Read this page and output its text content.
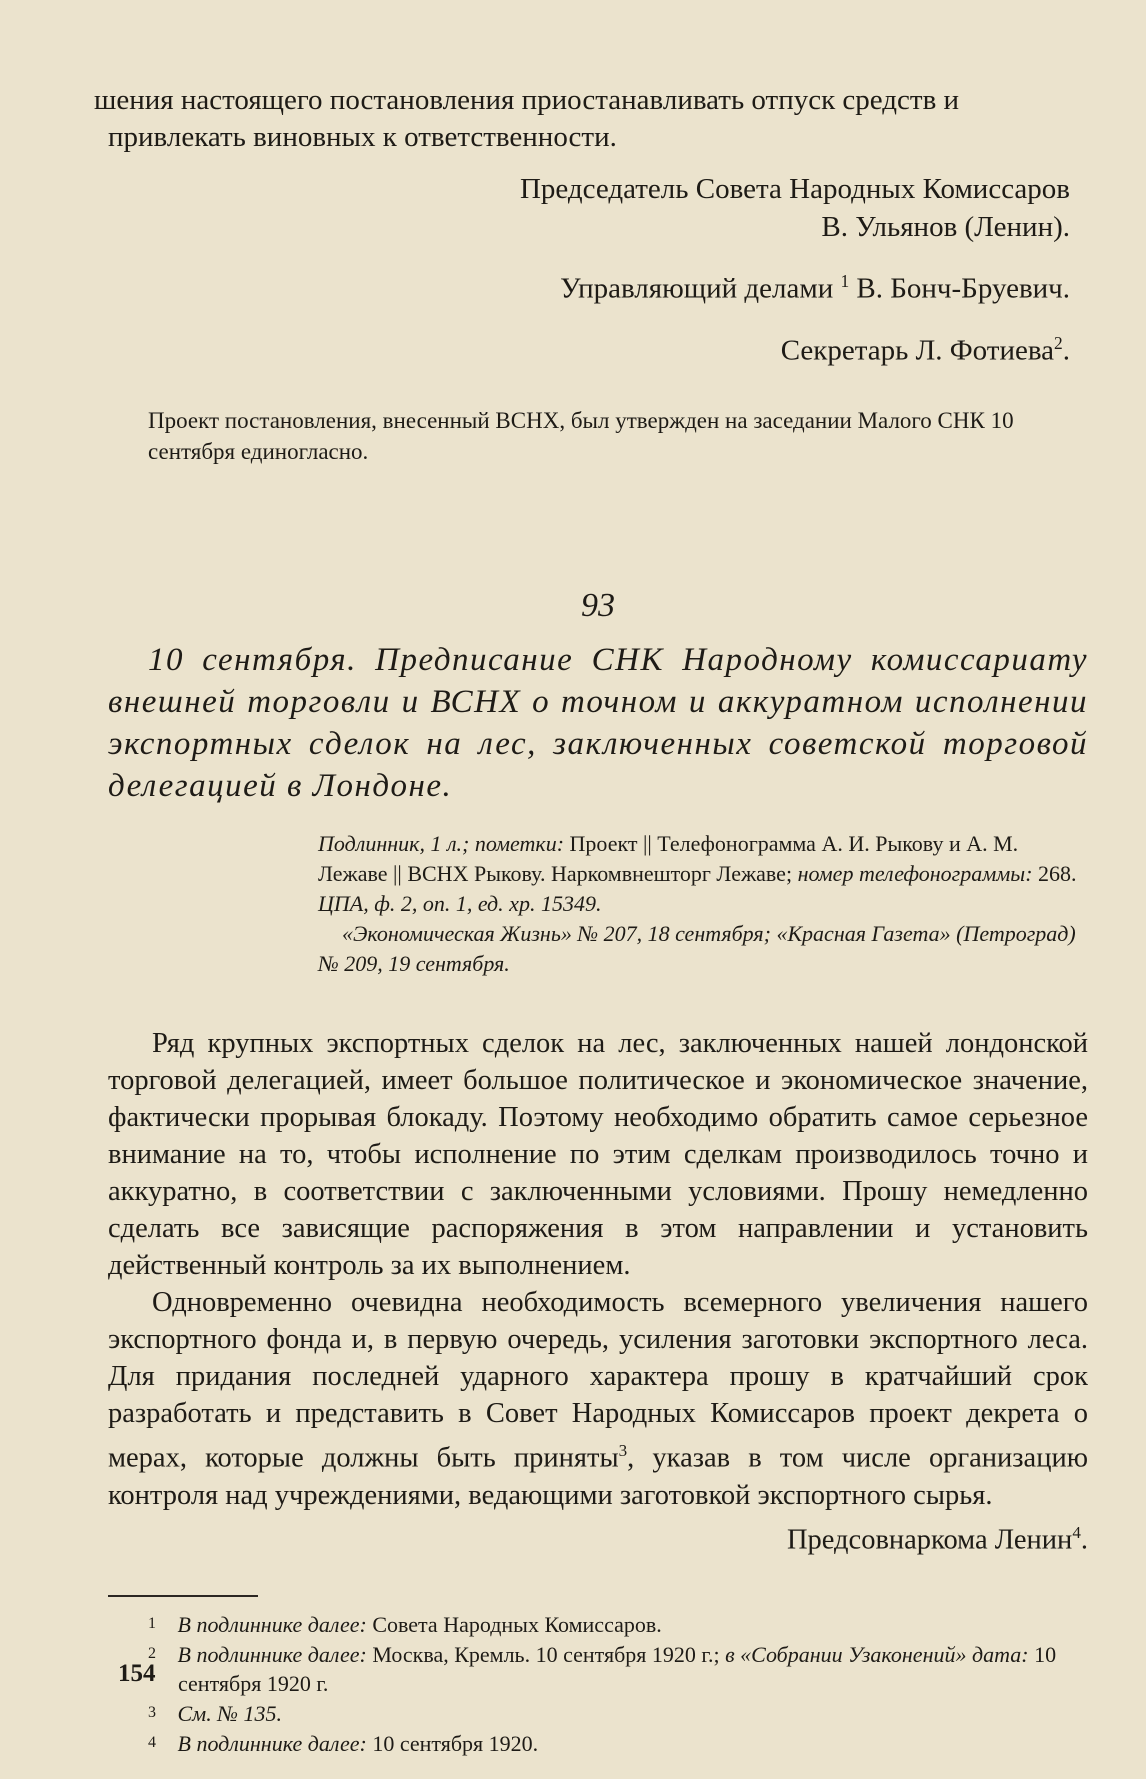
шения настоящего постановления приостанавливать отпуск средств и привлекать виновных к ответственности.

Председатель Совета Народных Комиссаров

В. Ульянов (Ленин).

Управляющий делами $^1$ В. Бонч-Бруевич.

Секретарь Л. Фотиева$^2$.

Проект постановления, внесенный ВСНХ, был утвержден на заседании Малого СНК 10 сентября единогласно.

93

10 сентября. Предписание СНК Народному комиссариату внешней торговли и ВСНХ о точном и аккуратном исполнении экспортных сделок на лес, заключенных советской торговой делегацией в Лондоне.

Подлинник, 1 л.; пометки: Проект || Телефонограмма А. И. Рыкову и А. М. Лежаве || ВСНХ Рыкову. Наркомвнешторг Лежаве; номер телефонограммы: 268. ЦПА, ф. 2, оп. 1, ед. хр. 15349.
«Экономическая Жизнь» № 207, 18 сентября; «Красная Газета» (Петроград) № 209, 19 сентября.

Ряд крупных экспортных сделок на лес, заключенных нашей лондонской торговой делегацией, имеет большое политическое и экономическое значение, фактически прорывая блокаду. Поэтому необходимо обратить самое серьезное внимание на то, чтобы исполнение по этим сделкам производилось точно и аккуратно, в соответствии с заключенными условиями. Прошу немедленно сделать все зависящие распоряжения в этом направлении и установить действенный контроль за их выполнением.

Одновременно очевидна необходимость всемерного увеличения нашего экспортного фонда и, в первую очередь, усиления заготовки экспортного леса. Для придания последней ударного характера прошу в кратчайший срок разработать и представить в Совет Народных Комиссаров проект декрета о мерах, которые должны быть приняты$^3$, указав в том числе организацию контроля над учреждениями, ведающими заготовкой экспортного сырья.

Предсовнаркома Ленин$^4$.

1 В подлиннике далее: Совета Народных Комиссаров.

2 В подлиннике далее: Москва, Кремль. 10 сентября 1920 г.; в «Собрании Узаконений» дата: 10 сентября 1920 г.

3 См. № 135.

4 В подлиннике далее: 10 сентября 1920.

154
